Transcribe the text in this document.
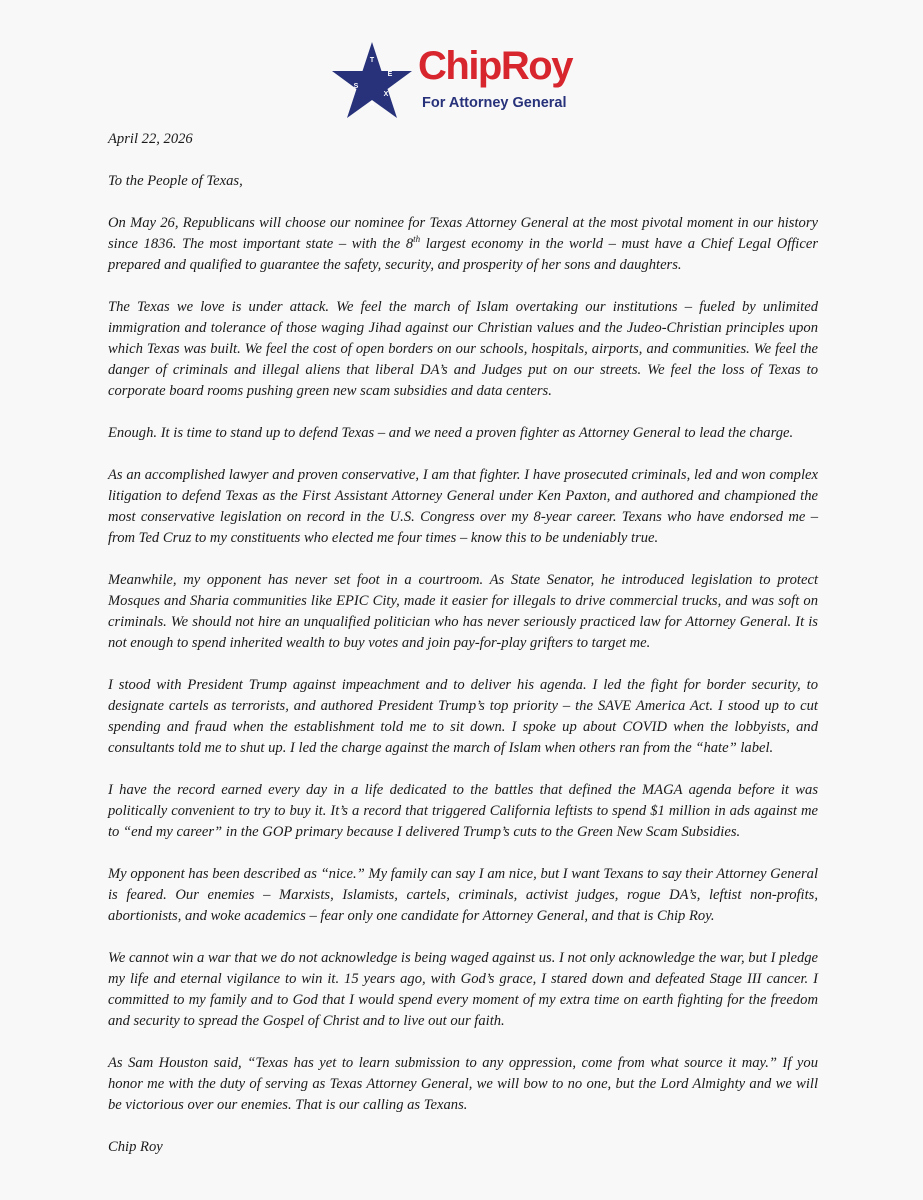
T
E
X
A
S ChipRoy
For Attorney General

April 22, 2026

To the People of Texas,

On May 26, Republicans will choose our nominee for Texas Attorney General at the most pivotal moment in our history since 1836. The most important state – with the 8th largest economy in the world – must have a Chief Legal Officer prepared and qualified to guarantee the safety, security, and prosperity of her sons and daughters.

The Texas we love is under attack. We feel the march of Islam overtaking our institutions – fueled by unlimited immigration and tolerance of those waging Jihad against our Christian values and the Judeo-Christian principles upon which Texas was built. We feel the cost of open borders on our schools, hospitals, airports, and communities. We feel the danger of criminals and illegal aliens that liberal DA’s and Judges put on our streets. We feel the loss of Texas to corporate board rooms pushing green new scam subsidies and data centers.

Enough. It is time to stand up to defend Texas – and we need a proven fighter as Attorney General to lead the charge.

As an accomplished lawyer and proven conservative, I am that fighter. I have prosecuted criminals, led and won complex litigation to defend Texas as the First Assistant Attorney General under Ken Paxton, and authored and championed the most conservative legislation on record in the U.S. Congress over my 8-year career. Texans who have endorsed me – from Ted Cruz to my constituents who elected me four times – know this to be undeniably true.

Meanwhile, my opponent has never set foot in a courtroom. As State Senator, he introduced legislation to protect Mosques and Sharia communities like EPIC City, made it easier for illegals to drive commercial trucks, and was soft on criminals. We should not hire an unqualified politician who has never seriously practiced law for Attorney General. It is not enough to spend inherited wealth to buy votes and join pay-for-play grifters to target me.

I stood with President Trump against impeachment and to deliver his agenda. I led the fight for border security, to designate cartels as terrorists, and authored President Trump’s top priority – the SAVE America Act. I stood up to cut spending and fraud when the establishment told me to sit down. I spoke up about COVID when the lobbyists, and consultants told me to shut up. I led the charge against the march of Islam when others ran from the “hate” label.

I have the record earned every day in a life dedicated to the battles that defined the MAGA agenda before it was politically convenient to try to buy it. It’s a record that triggered California leftists to spend $1 million in ads against me to “end my career” in the GOP primary because I delivered Trump’s cuts to the Green New Scam Subsidies.

My opponent has been described as “nice.” My family can say I am nice, but I want Texans to say their Attorney General is feared. Our enemies – Marxists, Islamists, cartels, criminals, activist judges, rogue DA’s, leftist non-profits, abortionists, and woke academics – fear only one candidate for Attorney General, and that is Chip Roy.

We cannot win a war that we do not acknowledge is being waged against us. I not only acknowledge the war, but I pledge my life and eternal vigilance to win it. 15 years ago, with God’s grace, I stared down and defeated Stage III cancer. I committed to my family and to God that I would spend every moment of my extra time on earth fighting for the freedom and security to spread the Gospel of Christ and to live out our faith.

As Sam Houston said, “Texas has yet to learn submission to any oppression, come from what source it may.” If you honor me with the duty of serving as Texas Attorney General, we will bow to no one, but the Lord Almighty and we will be victorious over our enemies. That is our calling as Texans.

Chip Roy
